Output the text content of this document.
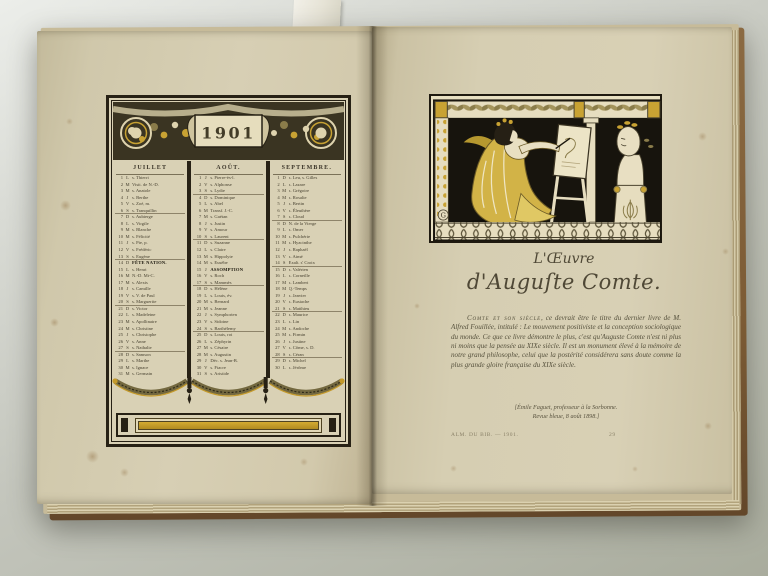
1901
JUILLET
1 L s. Thierri
2 M Visit. de N.-D.
3 M s. Anatole
4 J s. Berthe
5 V s. Zoé, m.
6 S s. Tranquillin
7 D s. Aubierge
8 L s. Virgile
9 M s. Blanche
10 M s. Félicité
11 J s. Pie, p.
12 V s. Frédéric
13 S s. Eugène
14 D FÊTE NATION.
15 L s. Henri
16 M N.-D. Mt-C.
17 M s. Alexis
18 J s. Camille
19 V s. V. de Paul
20 S s. Marguerite
21 D s. Victor
22 L s. Madeleine
23 M s. Apollinaire
24 M s. Christine
25 J s. Christophe
26 V s. Anne
27 S s. Nathalie
28 D s. Samson
29 L s. Marthe
30 M s. Ignace
31 M s. Germain
AOÛT.
1 J s. Pierre-ès-l.
2 V s. Alphonse
3 S s. Lydie
4 D s. Dominique
5 L s. Abel
6 M Transf. J.-C.
7 M s. Gaétan
8 J s. Justin
9 V s. Amour
10 S s. Laurent
11 D s. Suzanne
12 L s. Claire
13 M s. Hippolyte
14 M s. Eusèbe
15 J ASSOMPTION
16 V s. Roch
17 S s. Mammès
18 D s. Hélène
19 L s. Louis, év.
20 M s. Bernard
21 M s. Jeanne
22 J s. Symphorien
23 V s. Sidoine
24 S s. Barthélemy
25 D s. Louis, roi
26 L s. Zéphyrin
27 M s. Césaire
28 M s. Augustin
29 J Déc. s. Jean-B.
30 V s. Fiacre
31 S s. Aristide
SEPTEMBRE.
1 D s. Leu, s. Gilles
2 L s. Lazare
3 M s. Grégoire
4 M s. Rosalie
5 J s. Bertin
6 V s. Éleuthère
7 S s. Cloud
8 D N. de la Vierge
9 L s. Omer
10 M s. Pulchérie
11 M s. Hyacinthe
12 J s. Raphaël
13 V s. Aimé
14 S Exalt. s' Croix
15 D s. Valérien
16 L s. Corneille
17 M s. Lambert
18 M Q.-Temps
19 J s. Janvier
20 V s. Eustache
21 S s. Matthieu
22 D s. Maurice
23 L s. Lin
24 M s. Andoche
25 M s. Firmin
26 J s. Justine
27 V s. Côme, s. D.
28 S s. Céran
29 D s. Michel
30 L s. Jérôme
G
L'Œuvre
d'Auguſte Comte.
Comte et son siècle, ce devrait être le titre du dernier livre de M. Alfred Fouillée, intitulé : Le mouvement positiviste et la conception sociologique du monde. Ce que ce livre démontre le plus, c'est qu'Auguste Comte n'est ni plus ni moins que la pensée au XIXe siècle. Il est un monument élevé à la mémoire de notre grand philosophe, celui que la postérité considérera sans doute comme la plus grande gloire française du XIXe siècle.
[Émile Faguet, professeur à la Sorbonne.
Revue bleue, 8 août 1898.]
ALM. DU BIB. — 1901.	29
